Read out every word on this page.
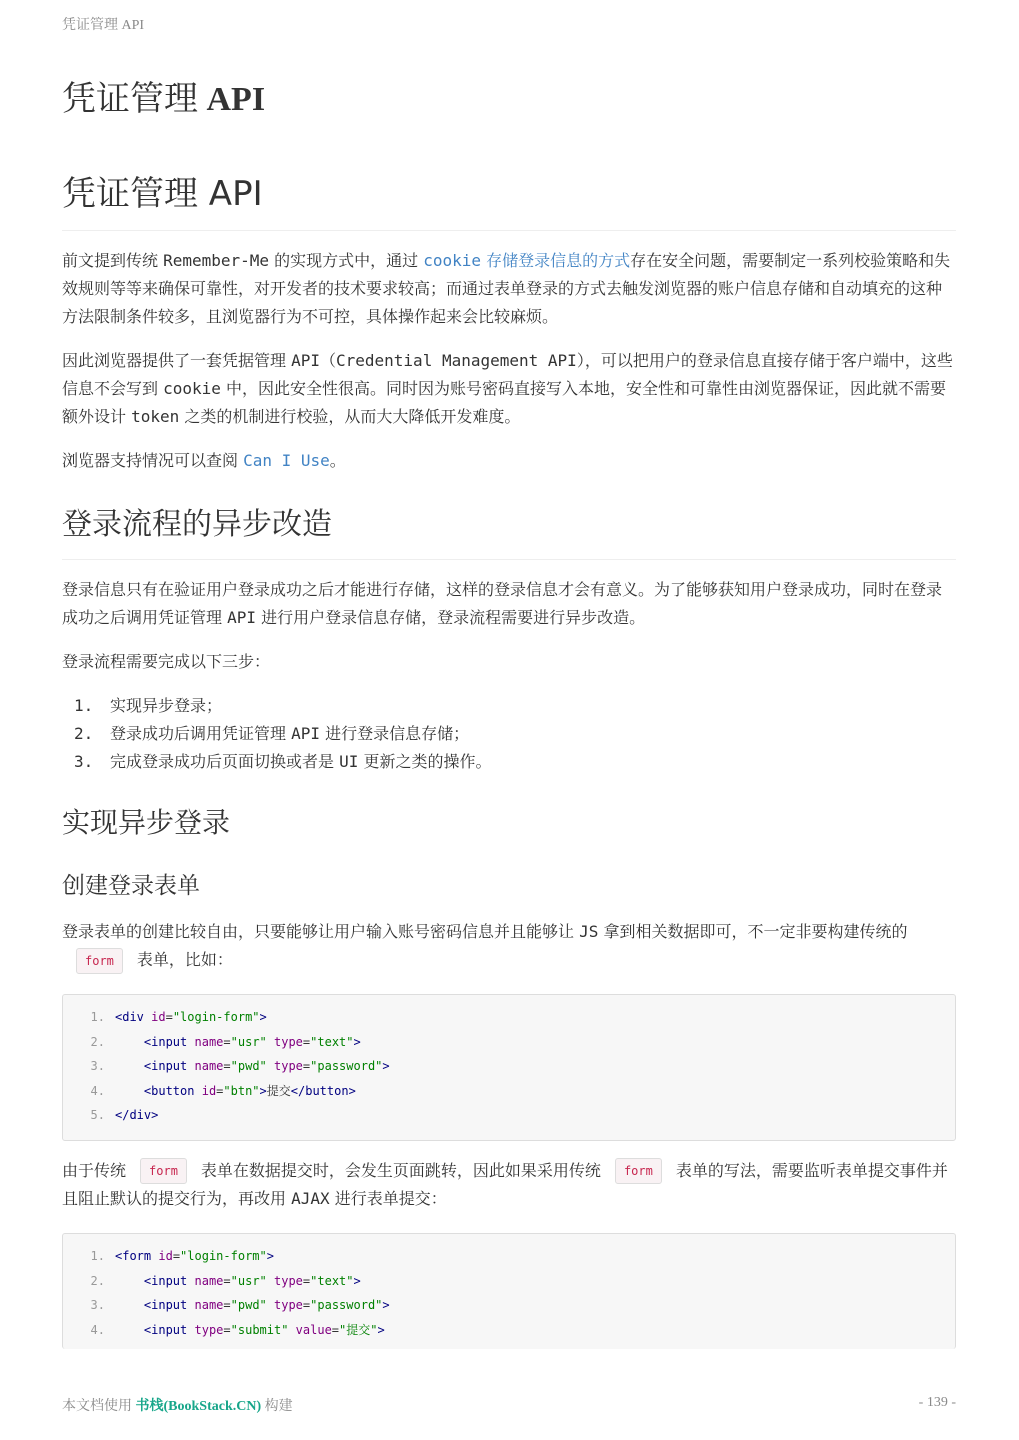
凭证管理 API
凭证管理 API
凭证管理 API

前文提到传统 Remember-Me 的实现方式中，通过 cookie 存储登录信息的方式存在安全问题，需要制定一系列校验策略和失效规则等等来确保可靠性，对开发者的技术要求较高；而通过表单登录的方式去触发浏览器的账户信息存储和自动填充的这种方法限制条件较多，且浏览器行为不可控，具体操作起来会比较麻烦。

因此浏览器提供了一套凭据管理 API（Credential Management API），可以把用户的登录信息直接存储于客户端中，这些信息不会写到 cookie 中，因此安全性很高。同时因为账号密码直接写入本地，安全性和可靠性由浏览器保证，因此就不需要额外设计 token 之类的机制进行校验，从而大大降低开发难度。

浏览器支持情况可以查阅 Can I Use。

登录流程的异步改造

登录信息只有在验证用户登录成功之后才能进行存储，这样的登录信息才会有意义。为了能够获知用户登录成功，同时在登录成功之后调用凭证管理 API 进行用户登录信息存储，登录流程需要进行异步改造。

登录流程需要完成以下三步：

1. 实现异步登录；
2. 登录成功后调用凭证管理 API 进行登录信息存储；
3. 完成登录成功后页面切换或者是 UI 更新之类的操作。
实现异步登录
创建登录表单

登录表单的创建比较自由，只要能够让用户输入账号密码信息并且能够让 JS 拿到相关数据即可，不一定非要构建传统的form 表单，比如：

1. <div id="login-form">
2.	<input name="usr" type="text">
3.	<input name="pwd" type="password">
4.	<button id="btn">提交</button>
5. </div>

由于传统 form 表单在数据提交时，会发生页面跳转，因此如果采用传统 form 表单的写法，需要监听表单提交事件并且阻止默认的提交行为，再改用 AJAX 进行表单提交：

1. <form id="login-form">
2.	<input name="usr" type="text">
3.	<input name="pwd" type="password">
4.	<input type="submit" value="提交">
本文档使用 书栈(BookStack.CN) 构建	- 139 -
